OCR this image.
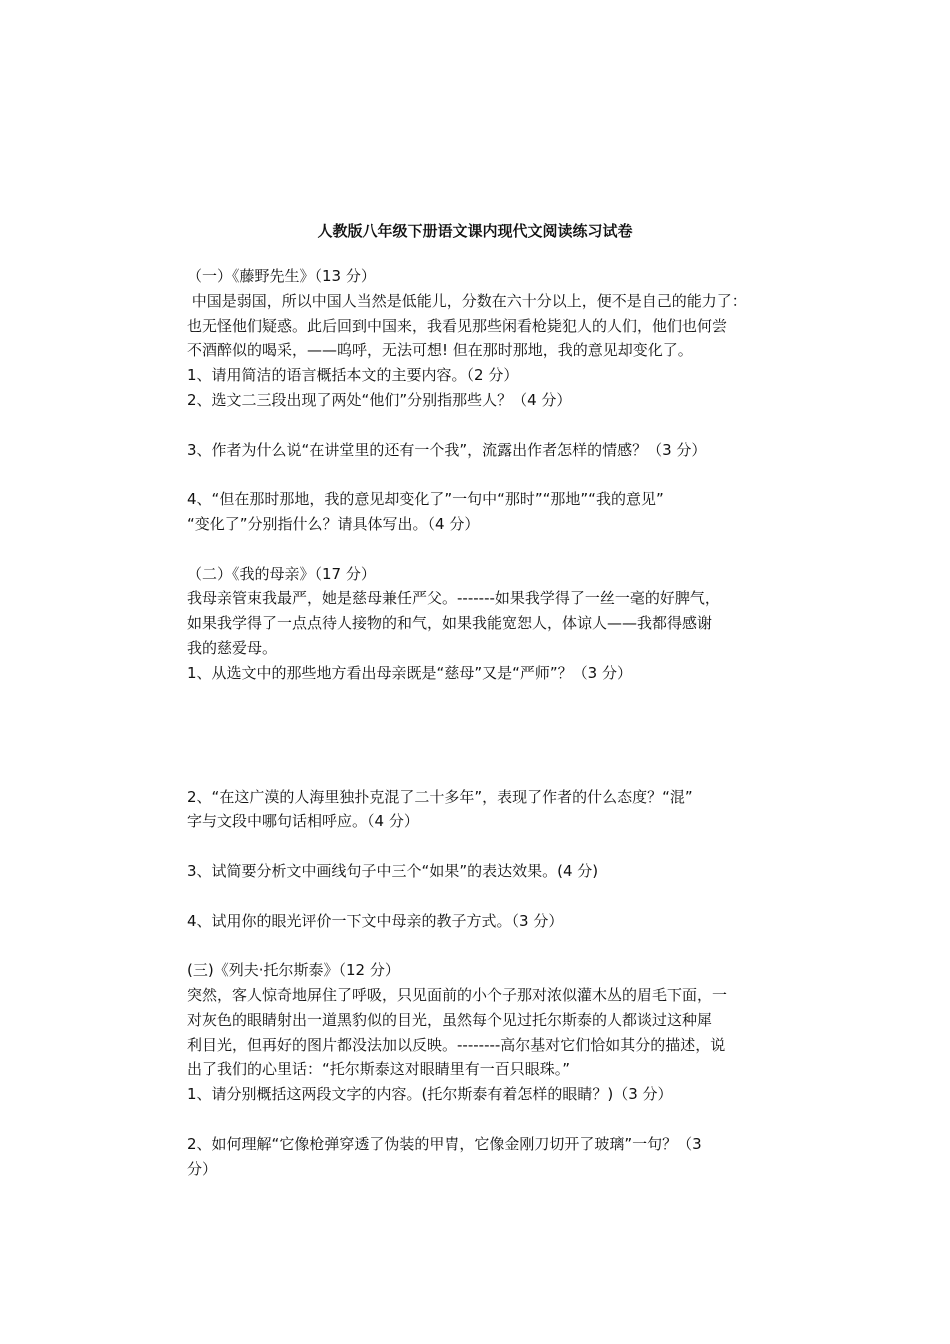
人教版八年级下册语文课内现代文阅读练习试卷

（一）《藤野先生》（13 分）

中国是弱国，所以中国人当然是低能儿，分数在六十分以上，便不是自己的能力了：

也无怪他们疑惑。此后回到中国来，我看见那些闲看枪毙犯人的人们，他们也何尝

不酒醉似的喝采，——呜呼，无法可想! 但在那时那地，我的意见却变化了。

1、请用简洁的语言概括本文的主要内容。（2 分）

2、选文二三段出现了两处“他们”分别指那些人？（4 分）

3、作者为什么说“在讲堂里的还有一个我”，流露出作者怎样的情感？（3 分）

4、“但在那时那地，我的意见却变化了”一句中“那时”“那地”“我的意见”

“变化了”分别指什么？请具体写出。（4 分）

（二）《我的母亲》（17 分）

我母亲管束我最严，她是慈母兼任严父。-------如果我学得了一丝一毫的好脾气，

如果我学得了一点点待人接物的和气，如果我能宽恕人，体谅人——我都得感谢

我的慈爱母。

1、从选文中的那些地方看出母亲既是“慈母”又是“严师”？（3 分）

2、“在这广漠的人海里独扑克混了二十多年”，表现了作者的什么态度？“混”

字与文段中哪句话相呼应。（4 分）

3、试简要分析文中画线句子中三个“如果”的表达效果。(4 分)

4、试用你的眼光评价一下文中母亲的教子方式。（3 分）

(三)《列夫·托尔斯泰》（12 分）

突然，客人惊奇地屏住了呼吸，只见面前的小个子那对浓似灌木丛的眉毛下面，一

对灰色的眼睛射出一道黑豹似的目光，虽然每个见过托尔斯泰的人都谈过这种犀

利目光，但再好的图片都没法加以反映。--------高尔基对它们恰如其分的描述，说

出了我们的心里话：“托尔斯泰这对眼睛里有一百只眼珠。”

1、请分别概括这两段文字的内容。(托尔斯泰有着怎样的眼睛？)（3 分）

2、如何理解“它像枪弹穿透了伪装的甲胄，它像金刚刀切开了玻璃”一句？（3

分）
